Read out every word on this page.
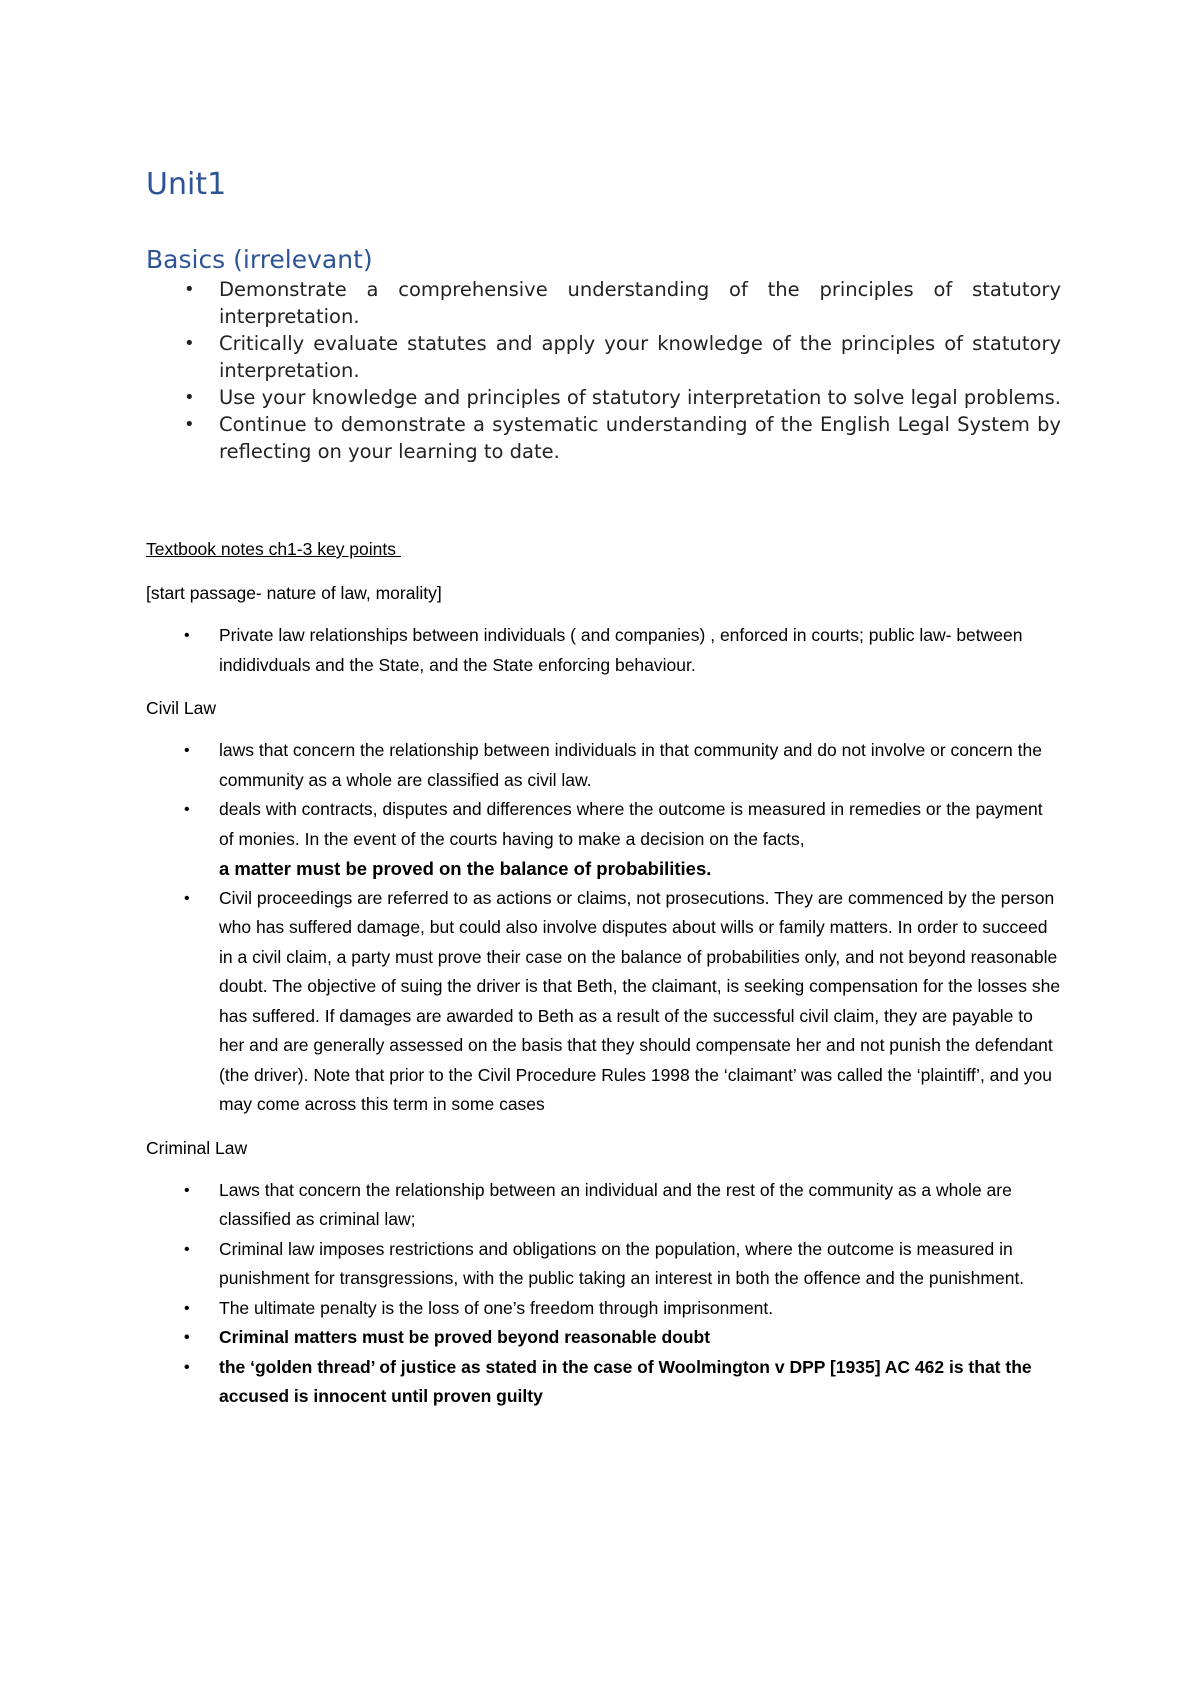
Unit1
Basics (irrelevant)
• Demonstrate a comprehensive understanding of the principles of statutory interpretation.
• Critically evaluate statutes and apply your knowledge of the principles of statutory interpretation.
• Use your knowledge and principles of statutory interpretation to solve legal problems.
• Continue to demonstrate a systematic understanding of the English Legal System by reflecting on your learning to date.

Textbook notes ch1-3 key points

[start passage- nature of law, morality]

• Private law relationships between individuals ( and companies) , enforced in courts; public law- between indidivduals and the State, and the State enforcing behaviour.

Civil Law

• laws that concern the relationship between individuals in that community and do not involve or concern the community as a whole are classified as civil law.
• deals with contracts, disputes and differences where the outcome is measured in remedies or the payment of monies. In the event of the courts having to make a decision on the facts,
a matter must be proved on the balance of probabilities.
• Civil proceedings are referred to as actions or claims, not prosecutions. They are commenced by the person who has suffered damage, but could also involve disputes about wills or family matters. In order to succeed in a civil claim, a party must prove their case on the balance of probabilities only, and not beyond reasonable doubt. The objective of suing the driver is that Beth, the claimant, is seeking compensation for the losses she has suffered. If damages are awarded to Beth as a result of the successful civil claim, they are payable to her and are generally assessed on the basis that they should compensate her and not punish the defendant (the driver). Note that prior to the Civil Procedure Rules 1998 the ‘claimant’ was called the ‘plaintiff’, and you may come across this term in some cases

Criminal Law

• Laws that concern the relationship between an individual and the rest of the community as a whole are classified as criminal law;
• Criminal law imposes restrictions and obligations on the population, where the outcome is measured in punishment for transgressions, with the public taking an interest in both the offence and the punishment.
• The ultimate penalty is the loss of one’s freedom through imprisonment.
• Criminal matters must be proved beyond reasonable doubt
• the ‘golden thread’ of justice as stated in the case of Woolmington v DPP [1935] AC 462 is that the accused is innocent until proven guilty
